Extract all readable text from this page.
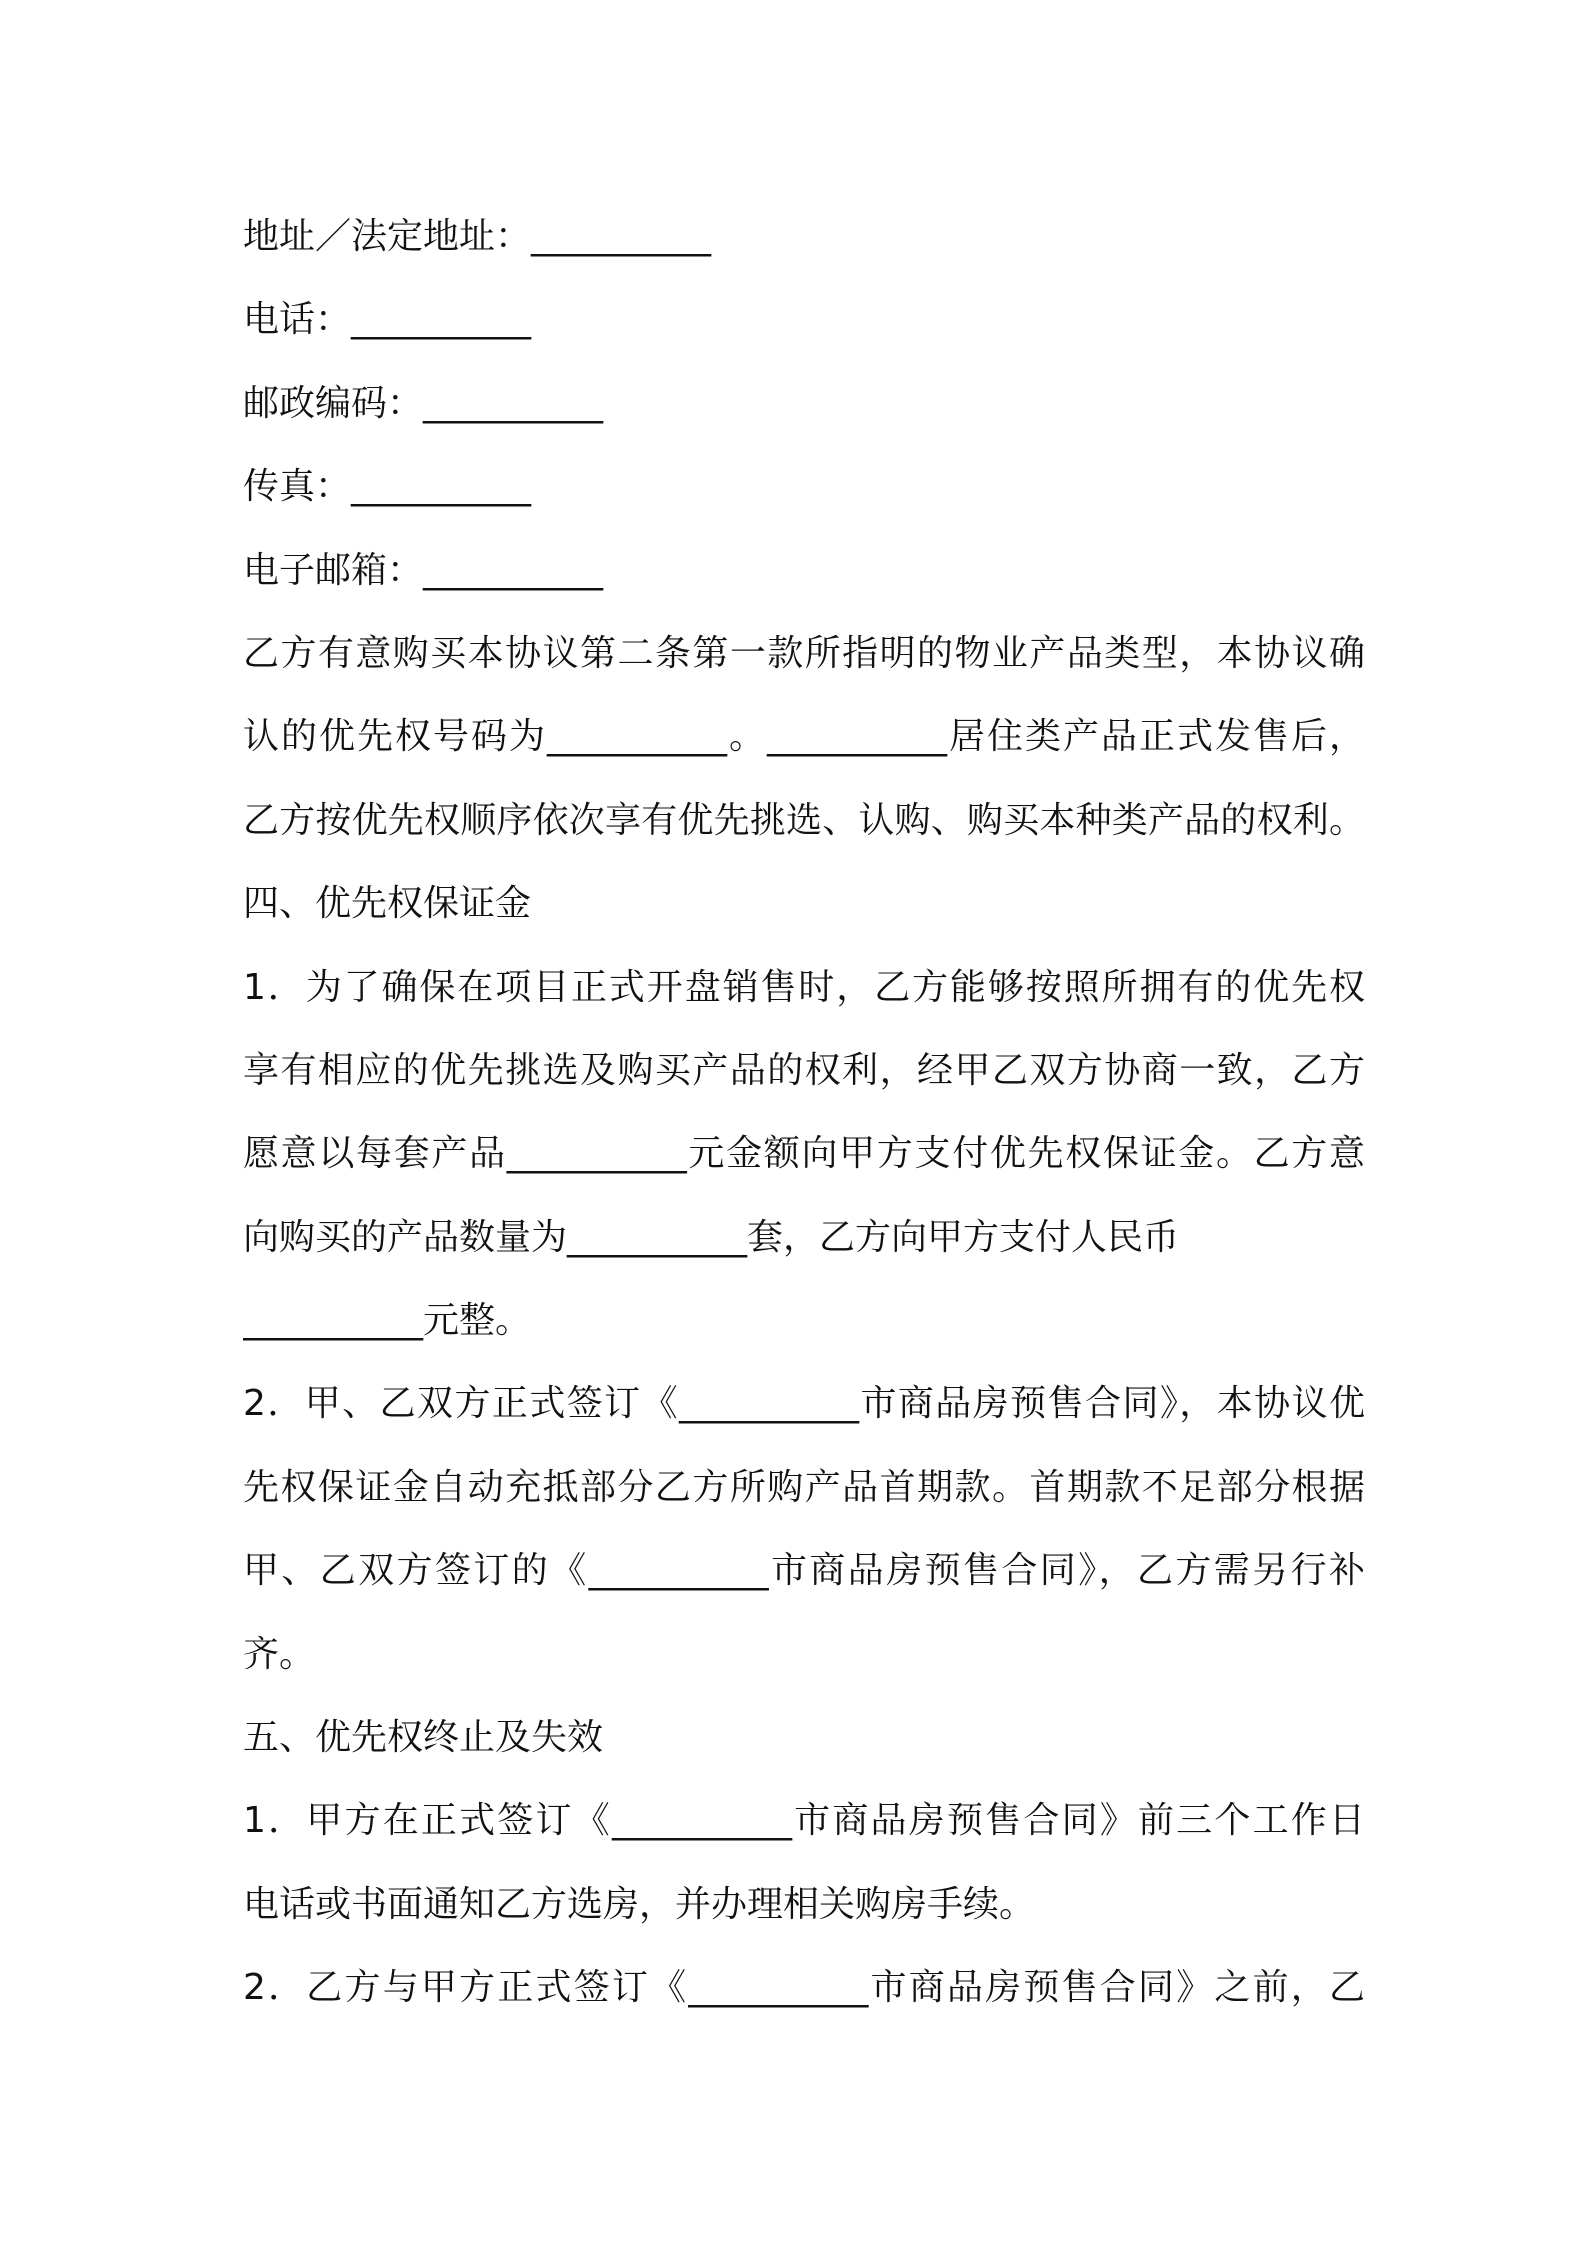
地址／法定地址：__________
电话：__________
邮政编码：__________
传真：__________
电子邮箱：__________
乙方有意购买本协议第二条第一款所指明的物业产品类型，本协议确
认的优先权号码为__________。__________居住类产品正式发售后，
乙方按优先权顺序依次享有优先挑选、认购、购买本种类产品的权利。
四、优先权保证金
1．为了确保在项目正式开盘销售时，乙方能够按照所拥有的优先权
享有相应的优先挑选及购买产品的权利，经甲乙双方协商一致，乙方
愿意以每套产品__________元金额向甲方支付优先权保证金。乙方意
向购买的产品数量为__________套，乙方向甲方支付人民币
__________元整。
2．甲、乙双方正式签订《__________市商品房预售合同》，本协议优
先权保证金自动充抵部分乙方所购产品首期款。首期款不足部分根据
甲、乙双方签订的《__________市商品房预售合同》，乙方需另行补
齐。
五、优先权终止及失效
1．甲方在正式签订《__________市商品房预售合同》前三个工作日
电话或书面通知乙方选房，并办理相关购房手续。
2．乙方与甲方正式签订《__________市商品房预售合同》之前，乙
